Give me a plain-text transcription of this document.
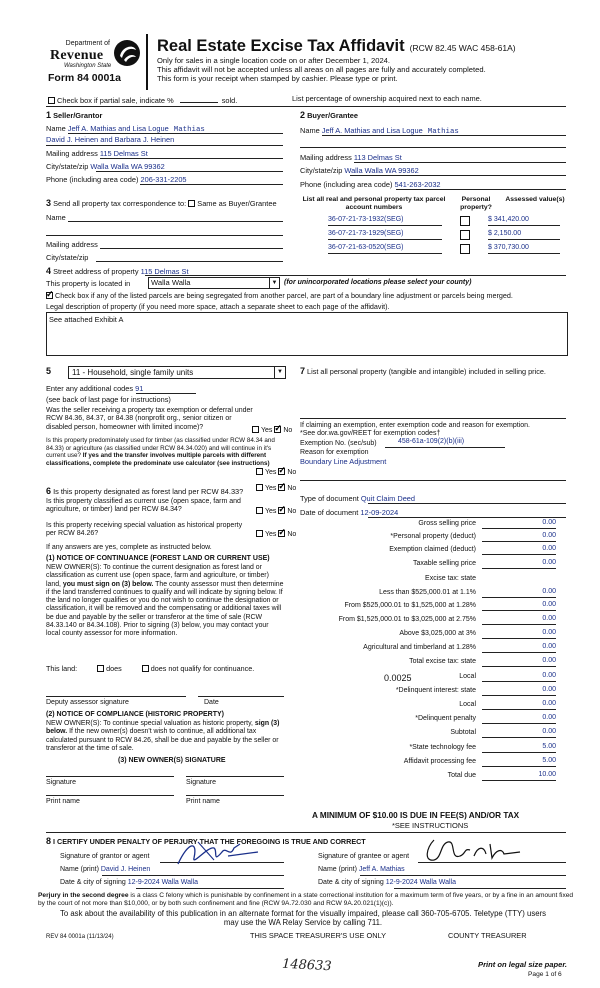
Department of
Revenue
Washington State
Form 84 0001a
Real Estate Excise Tax Affidavit (RCW 82.45 WAC 458-61A)
Only for sales in a single location code on or after December 1, 2024.
This affidavit will not be accepted unless all areas on all pages are fully and accurately completed.
This form is your receipt when stamped by cashier. Please type or print.
Check box if partial sale, indicate %	sold.	List percentage of ownership acquired next to each name.
1 Seller/Grantor
Name Jeff A. Mathias and Lisa Logue Mathias
David J. Heinen and Barbara J. Heinen
Mailing address 115 Delmas St
City/state/zip Walla Walla WA 99362
Phone (including area code) 206-331-2205
2 Buyer/Grantee
Name Jeff A. Mathias and Lisa Logue Mathias
Mailing address 113 Delmas St
City/state/zip Walla Walla WA 99362
Phone (including area code) 541-263-2032
3 Send all property tax correspondence to: Same as Buyer/Grantee
Name
Mailing address
City/state/zip
List all real and personal property tax parcel account numbers
Personal property?
Assessed value(s)
36-07-21-73-1932(SEG)	$ 341,420.00
36-07-21-73-1929(SEG)	$ 2,150.00
36-07-21-63-0520(SEG)	$ 370,730.00
4 Street address of property 115 Delmas St
This property is located in	Walla Walla	▼ (for unincorporated locations please select your county)
✓Check box if any of the listed parcels are being segregated from another parcel, are part of a boundary line adjustment or parcels being merged.
Legal description of property (if you need more space, attach a separate sheet to each page of the affidavit).
See attached Exhibit A
5	11 - Household, single family units	▼
Enter any additional codes 91
(see back of last page for instructions)
Was the seller receiving a property tax exemption or deferral under RCW 84.36, 84.37, or 84.38 (nonprofit org., senior citizen or disabled person, homeowner with limited income)?	Yes ✓ No
Is this property predominately used for timber (as classified under RCW 84.34 and 84.33) or agriculture (as classified under RCW 84.34.020) and will continue in it's current use? If yes and the transfer involves multiple parcels with different classifications, complete the predominate use calculator (see instructions)
Yes ✓ No
6 Is this property designated as forest land per RCW 84.33?	Yes ✓ No
Is this property classified as current use (open space, farm and agriculture, or timber) land per RCW 84.34?	Yes ✓ No
Is this property receiving special valuation as historical property per RCW 84.26?	Yes ✓ No
If any answers are yes, complete as instructed below.
(1) NOTICE OF CONTINUANCE (FOREST LAND OR CURRENT USE)
NEW OWNER(S): To continue the current designation as forest land or classification as current use (open space, farm and agriculture, or timber) land, you must sign on (3) below. The county assessor must then determine if the land transferred continues to qualify and will indicate by signing below. If the land no longer qualifies or you do not wish to continue the designation or classification, it will be removed and the compensating or additional taxes will be due and payable by the seller or transferor at the time of sale (RCW 84.33.140 or 84.34.108). Prior to signing (3) below, you may contact your local county assessor for more information.
This land:	does	does not qualify for continuance.
Deputy assessor signature	Date
(2) NOTICE OF COMPLIANCE (HISTORIC PROPERTY)
NEW OWNER(S): To continue special valuation as historic property, sign (3) below. If the new owner(s) doesn't wish to continue, all additional tax calculated pursuant to RCW 84.26, shall be due and payable by the seller or transferor at the time of sale.
(3) NEW OWNER(S) SIGNATURE
Signature	Signature
Print name	Print name
7 List all personal property (tangible and intangible) included in selling price.
If claiming an exemption, enter exemption code and reason for exemption. *See dor.wa.gov/REET for exemption codes†
Exemption No. (sec/sub)	458-61a-109(2)(b)(iii)
Reason for exemption
Boundary Line Adjustment
Type of document Quit Claim Deed
Date of document 12-09-2024
Gross selling price	0.00
*Personal property (deduct)	0.00
Exemption claimed (deduct)	0.00
Taxable selling price	0.00
Excise tax: state
Less than $525,000.01 at 1.1%	0.00
From $525,000.01 to $1,525,000 at 1.28%	0.00
From $1,525,000.01 to $3,025,000 at 2.75%	0.00
Above $3,025,000 at 3%	0.00
Agricultural and timberland at 1.28%	0.00
Total excise tax: state	0.00
Local	0.00
*Delinquent interest: state	0.00
Local	0.00
*Delinquent penalty	0.00
Subtotal	0.00
*State technology fee	5.00
Affidavit processing fee	5.00
Total due	10.00
0.0025
A MINIMUM OF $10.00 IS DUE IN FEE(S) AND/OR TAX
*SEE INSTRUCTIONS
8 I CERTIFY UNDER PENALTY OF PERJURY THAT THE FOREGOING IS TRUE AND CORRECT
Signature of grantor or agent
Name (print) David J. Heinen
Date & city of signing 12-9-2024 Walla Walla
Signature of grantee or agent
Name (print) Jeff A. Mathias
Date & city of signing 12-9-2024 Walla Walla
Perjury in the second degree is a class C felony which is punishable by confinement in a state correctional institution for a maximum term of five years, or by a fine in an amount fixed by the court of not more than $10,000, or by both such confinement and fine (RCW 9A.72.030 and RCW 9A.20.021(1)(c)).
To ask about the availability of this publication in an alternate format for the visually impaired, please call 360-705-6705. Teletype (TTY) users may use the WA Relay Service by calling 711.
REV 84 0001a (11/13/24)	THIS SPACE TREASURER'S USE ONLY	COUNTY TREASURER
Print on legal size paper.
Page 1 of 6
148633
